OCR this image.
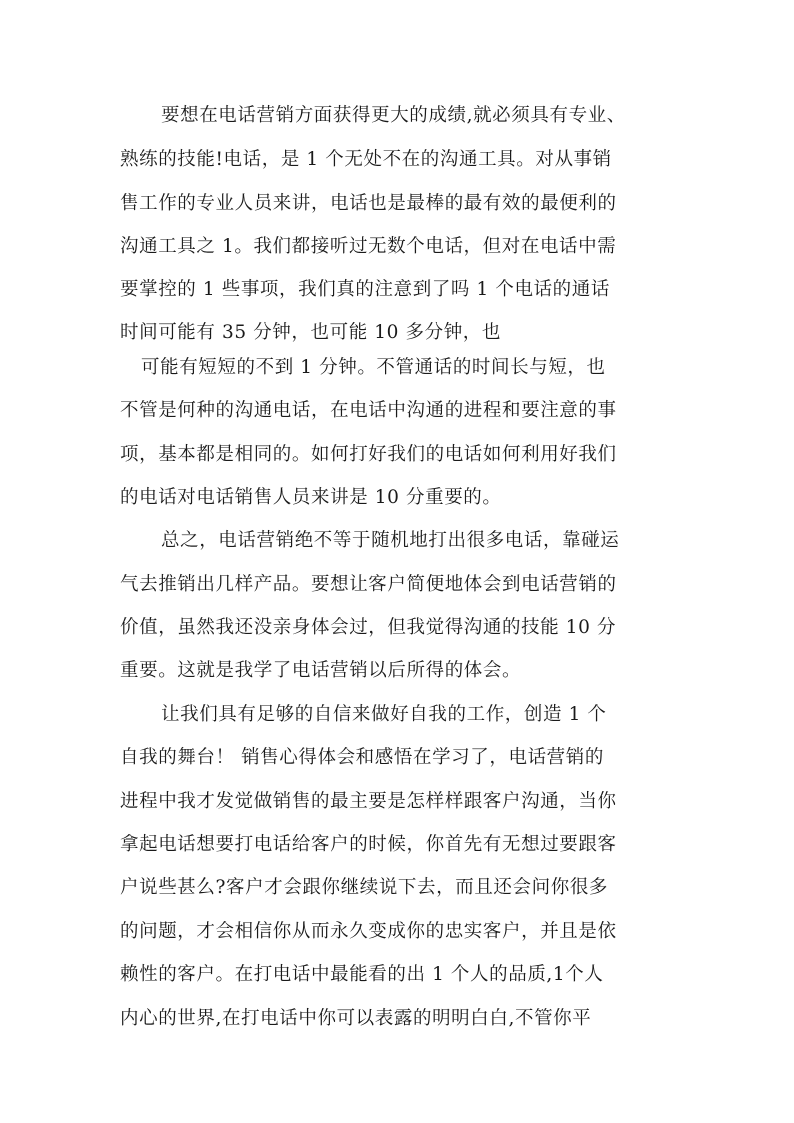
要想在电话营销方面获得更大的成绩,就必须具有专业、
熟练的技能!电话，是 1 个无处不在的沟通工具。对从事销
售工作的专业人员来讲，电话也是最棒的最有效的最便利的
沟通工具之 1。我们都接听过无数个电话，但对在电话中需
要掌控的 1 些事项，我们真的注意到了吗 1 个电话的通话
时间可能有 35 分钟，也可能 10 多分钟，也
可能有短短的不到 1 分钟。不管通话的时间长与短，也
不管是何种的沟通电话，在电话中沟通的进程和要注意的事
项，基本都是相同的。如何打好我们的电话如何利用好我们
的电话对电话销售人员来讲是 10 分重要的。
总之，电话营销绝不等于随机地打出很多电话，靠碰运
气去推销出几样产品。要想让客户简便地体会到电话营销的
价值，虽然我还没亲身体会过，但我觉得沟通的技能 10 分
重要。这就是我学了电话营销以后所得的体会。
让我们具有足够的自信来做好自我的工作，创造 1 个
自我的舞台！ 销售心得体会和感悟在学习了，电话营销的
进程中我才发觉做销售的最主要是怎样样跟客户沟通，当你
拿起电话想要打电话给客户的时候，你首先有无想过要跟客
户说些甚么?客户才会跟你继续说下去，而且还会问你很多
的问题，才会相信你从而永久变成你的忠实客户，并且是依
赖性的客户。在打电话中最能看的出 1 个人的品质,1个人
内心的世界,在打电话中你可以表露的明明白白,不管你平
